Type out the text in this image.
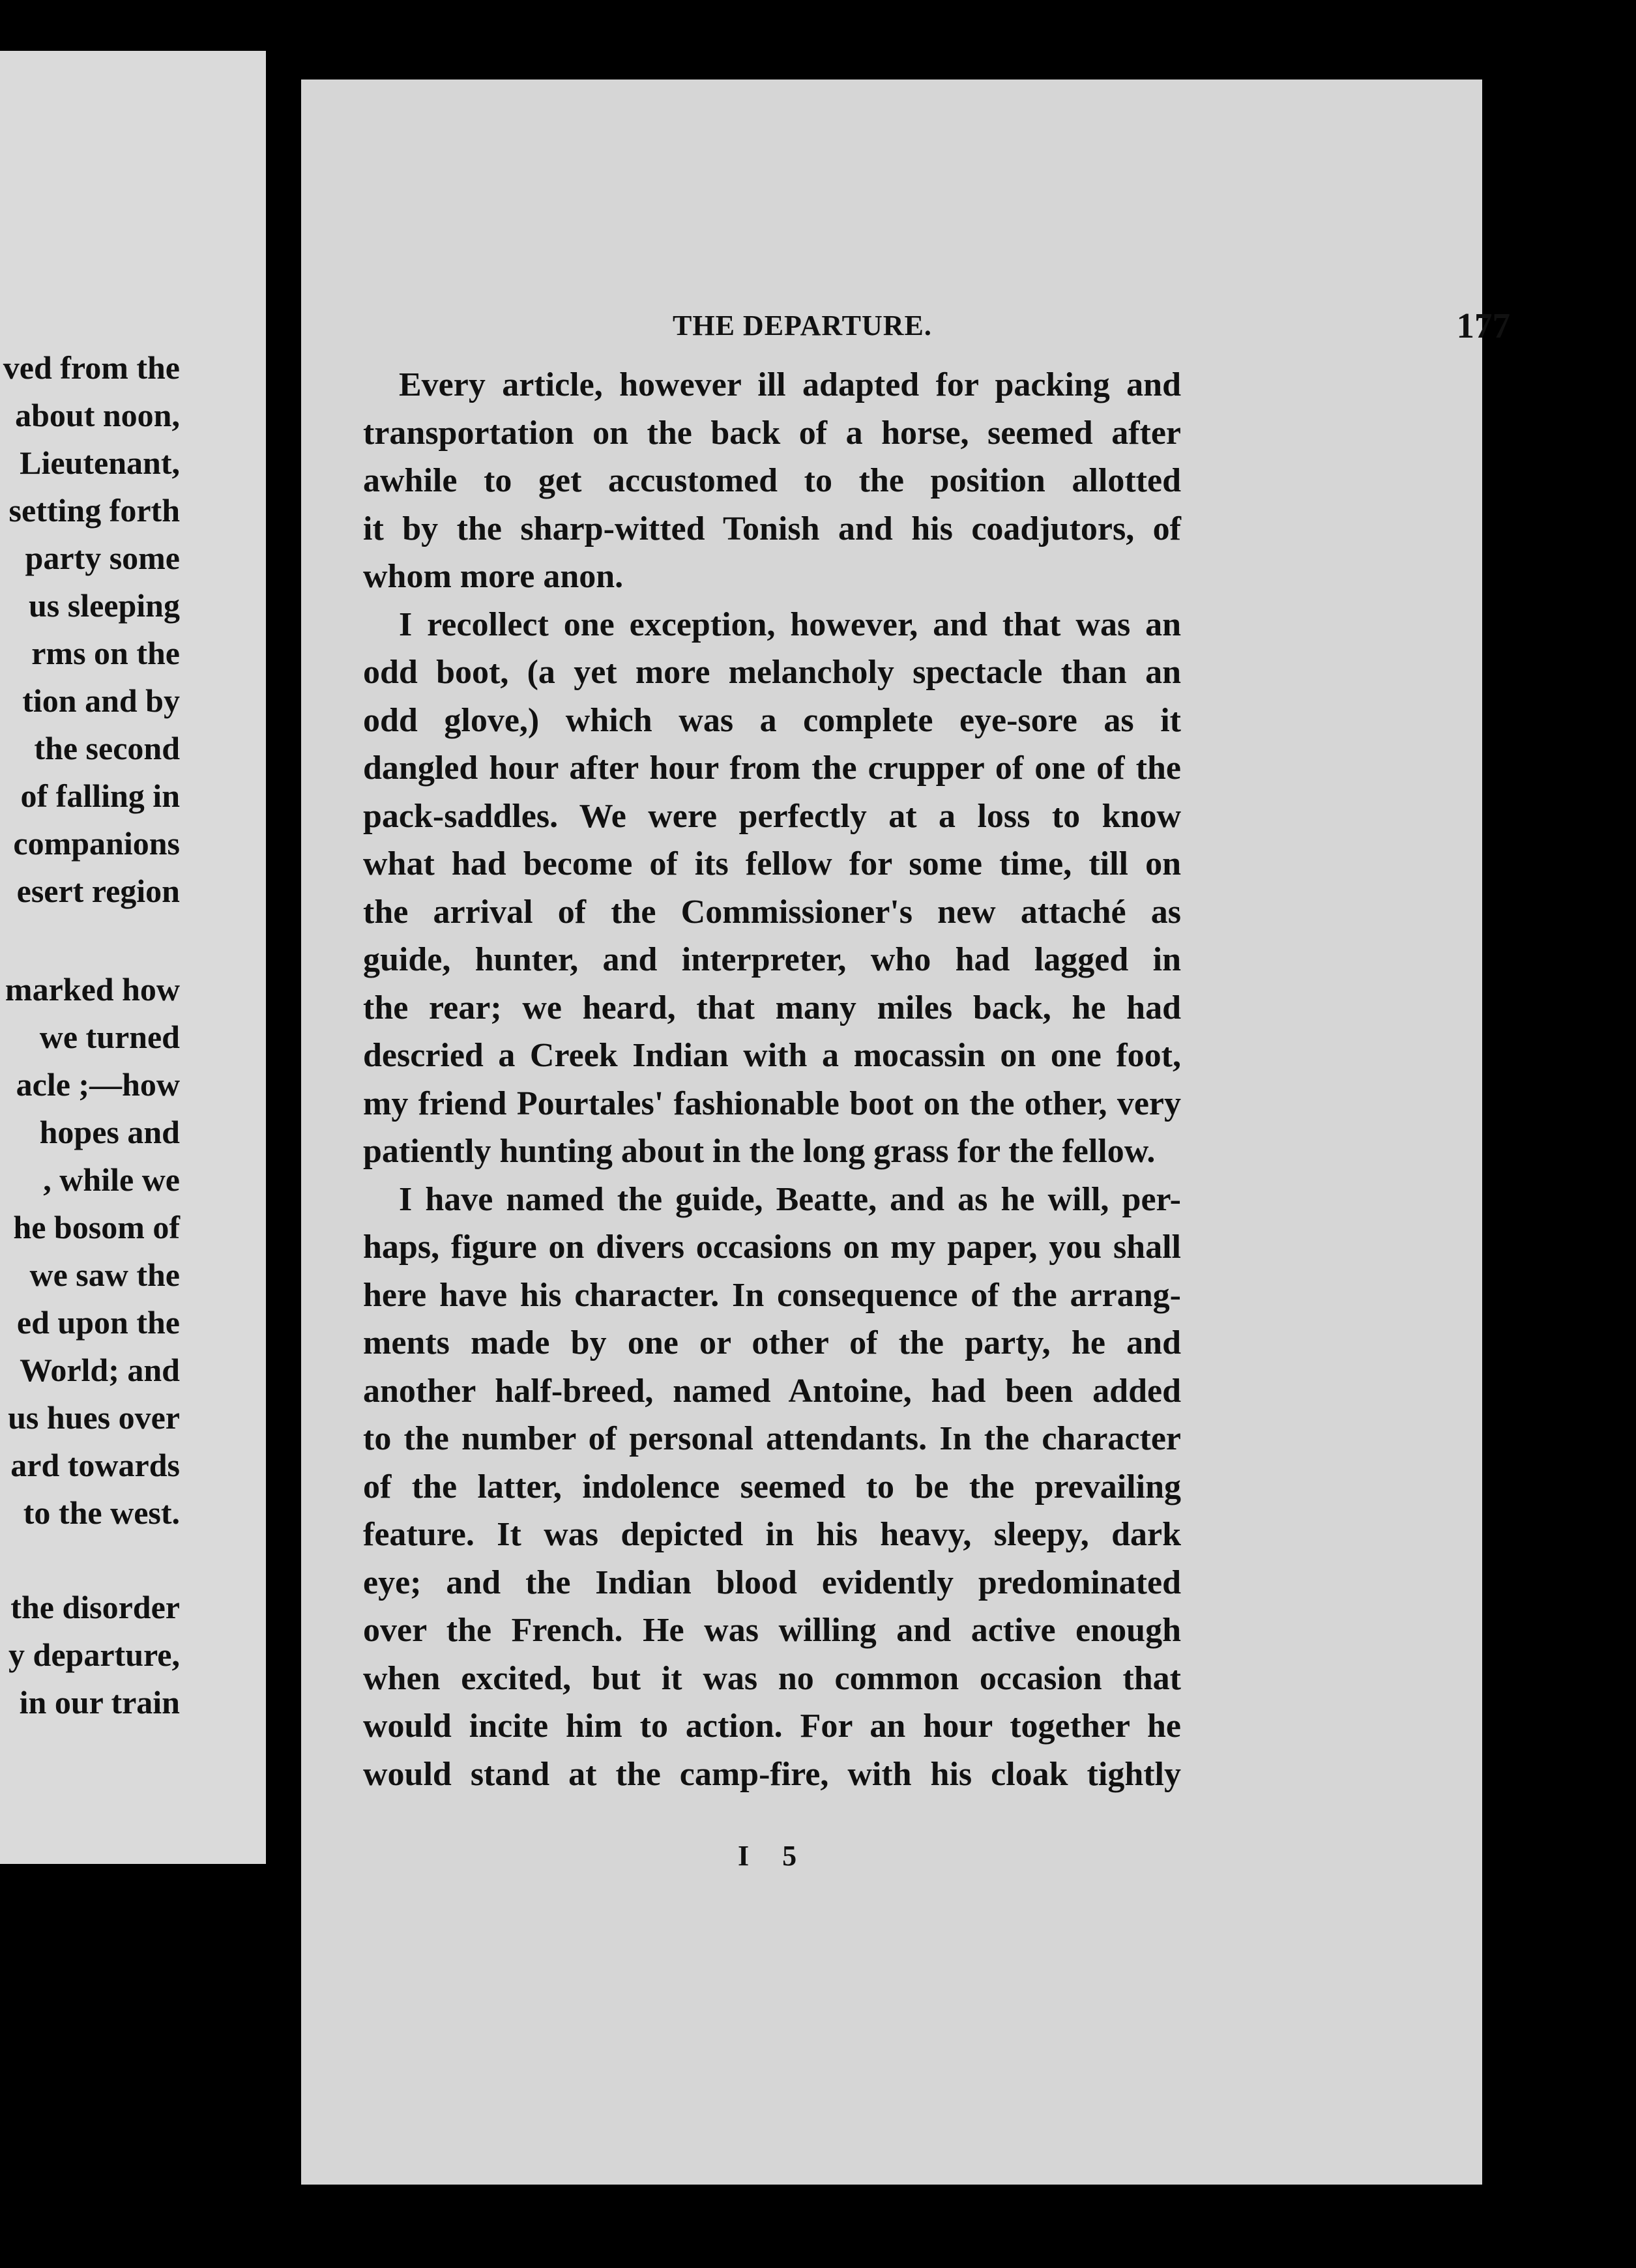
ved from the
about noon,
Lieutenant,
setting forth
party some
us sleeping
rms on the
tion and by
the second
of falling in
companions
esert region
marked how
we turned
acle ;—how
hopes and
, while we
he bosom of
we saw the
ed upon the
World; and
us hues over
ard towards
to the west.
the disorder
y departure,
in our train
THE DEPARTURE.	177
Every article, however ill adapted for packing and
transportation on the back of a horse, seemed after
awhile to get accustomed to the position allotted
it by the sharp-witted Tonish and his coadjutors, of
whom more anon.
I recollect one exception, however, and that was an
odd boot, (a yet more melancholy spectacle than an
odd glove,) which was a complete eye-sore as it
dangled hour after hour from the crupper of one of the
pack-saddles. We were perfectly at a loss to know
what had become of its fellow for some time, till on
the arrival of the Commissioner's new attaché as
guide, hunter, and interpreter, who had lagged in
the rear; we heard, that many miles back, he had
descried a Creek Indian with a mocassin on one foot,
my friend Pourtales' fashionable boot on the other, very
patiently hunting about in the long grass for the fellow.
I have named the guide, Beatte, and as he will, per-
haps, figure on divers occasions on my paper, you shall
here have his character. In consequence of the arrang-
ments made by one or other of the party, he and
another half-breed, named Antoine, had been added
to the number of personal attendants. In the character
of the latter, indolence seemed to be the prevailing
feature. It was depicted in his heavy, sleepy, dark
eye; and the Indian blood evidently predominated
over the French. He was willing and active enough
when excited, but it was no common occasion that
would incite him to action. For an hour together he
would stand at the camp-fire, with his cloak tightly
I 5
